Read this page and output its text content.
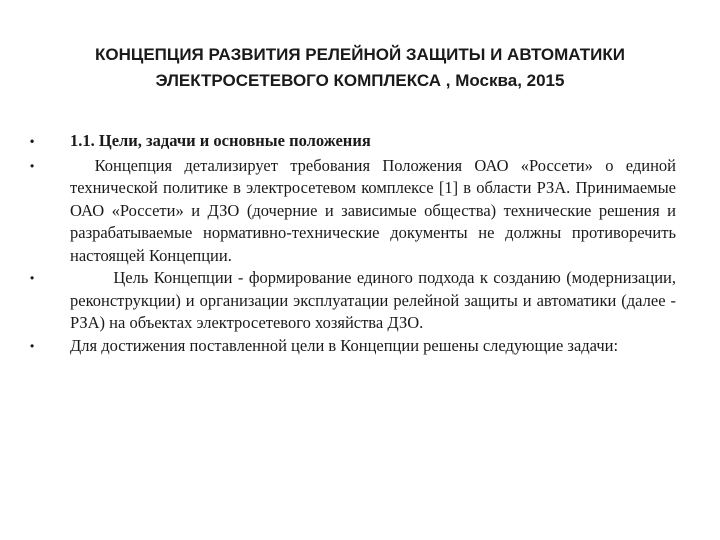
КОНЦЕПЦИЯ РАЗВИТИЯ РЕЛЕЙНОЙ ЗАЩИТЫ И АВТОМАТИКИ
ЭЛЕКТРОСЕТЕВОГО КОМПЛЕКСА , Москва, 2015
•	1.1. Цели, задачи и основные положения
•	Концепция детализирует требования Положения ОАО «Россети» о единой технической политике в электросетевом комплексе [1] в области РЗА. Принимаемые ОАО «Россети» и ДЗО (дочерние и зависимые общества) технические решения и разрабатываемые нормативно-технические документы не должны противоречить настоящей Концепции.
•	Цель Концепции - формирование единого подхода к созданию (модернизации, реконструкции) и организации эксплуатации релейной защиты и автоматики (далее - РЗА) на объектах электросетевого хозяйства ДЗО.
•	Для достижения поставленной цели в Концепции решены следующие задачи:
